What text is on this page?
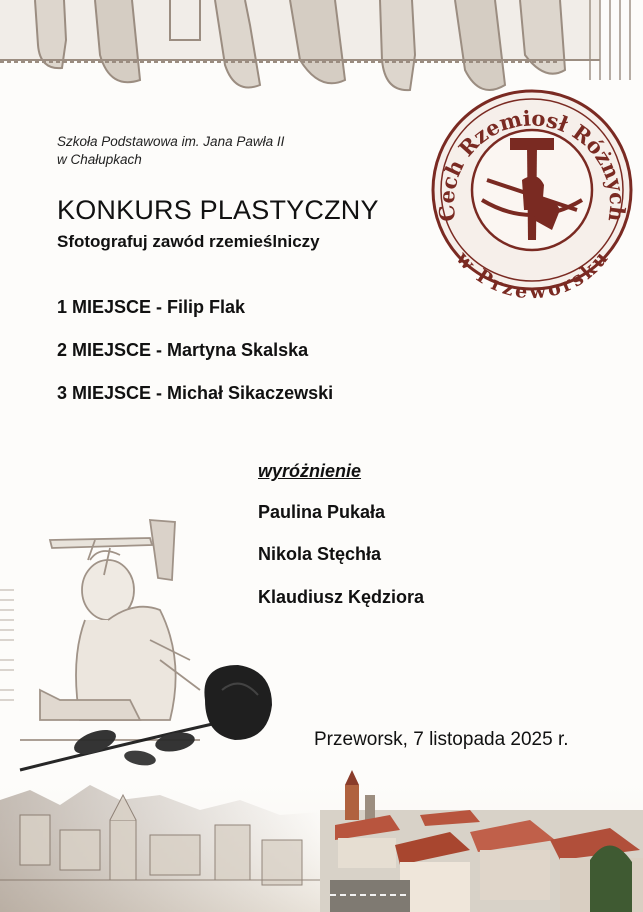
Cech Rzemiosł Różnych
w Przeworsku
Szkoła Podstawowa im. Jana Pawła II
w Chałupkach
KONKURS PLASTYCZNY
Sfotografuj zawód rzemieślniczy
1 MIEJSCE - Filip Flak
2 MIEJSCE - Martyna Skalska
3 MIEJSCE - Michał Sikaczewski
wyróżnienie
Paulina Pukała
Nikola Stęchła
Klaudiusz Kędziora
Przeworsk, 7 listopada 2025 r.
